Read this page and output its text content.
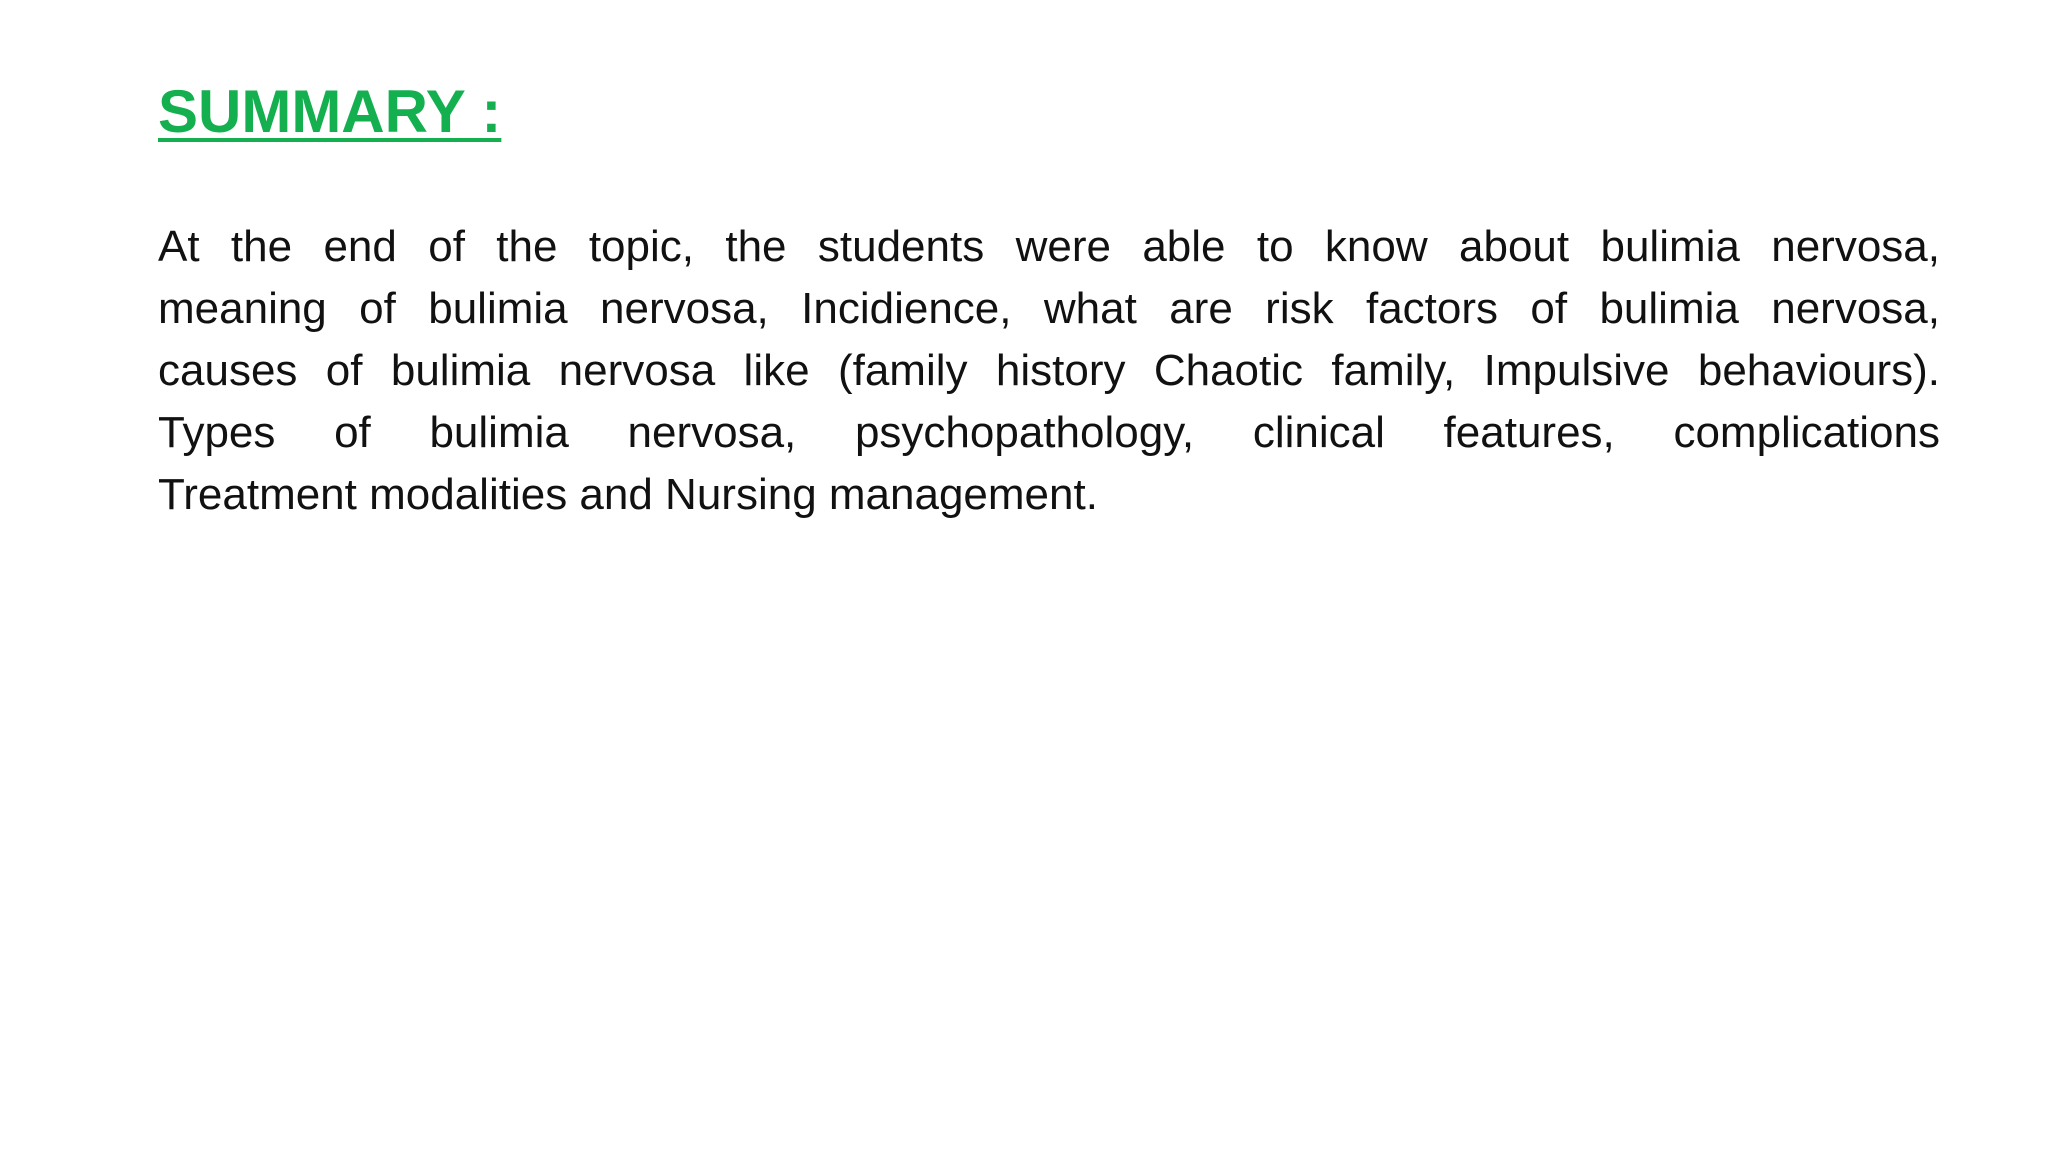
SUMMARY :
At the end of the topic, the students were able to know about bulimia nervosa,
meaning of bulimia nervosa, Incidience, what are risk factors of bulimia nervosa,
causes of bulimia nervosa like (family history Chaotic family, Impulsive behaviours).
Types of bulimia nervosa, psychopathology, clinical features, complications
Treatment modalities and Nursing management.
